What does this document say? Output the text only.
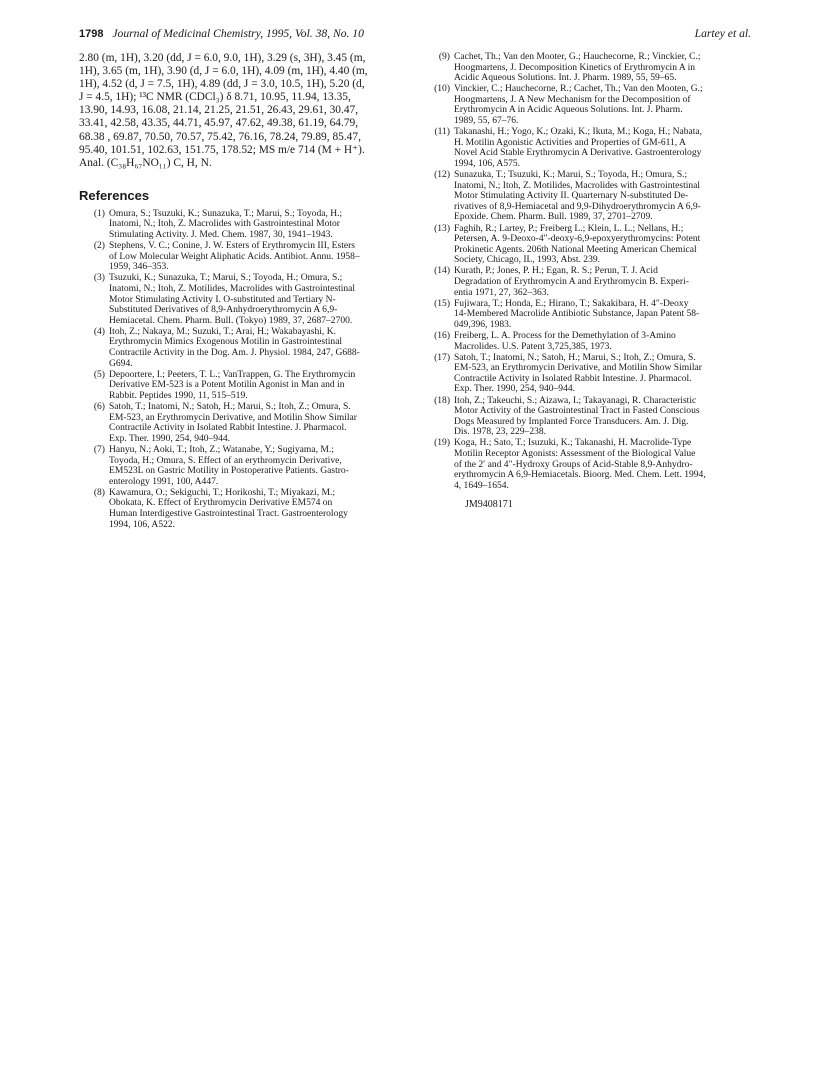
1798 Journal of Medicinal Chemistry, 1995, Vol. 38, No. 10	Lartey et al.

2.80 (m, 1H), 3.20 (dd, J = 6.0, 9.0, 1H), 3.29 (s, 3H), 3.45 (m,
1H), 3.65 (m, 1H), 3.90 (d, J = 6.0, 1H), 4.09 (m, 1H), 4.40 (m,
1H), 4.52 (d, J = 7.5, 1H), 4.89 (dd, J = 3.0, 10.5, 1H), 5.20 (d,
J = 4.5, 1H); ¹³C NMR (CDCl₃) δ 8.71, 10.95, 11.94, 13.35,
13.90, 14.93, 16.08, 21.14, 21.25, 21.51, 26.43, 29.61, 30.47,
33.41, 42.58, 43.35, 44.71, 45.97, 47.62, 49.38, 61.19, 64.79,
68.38 , 69.87, 70.50, 70.57, 75.42, 76.16, 78.24, 79.89, 85.47,
95.40, 101.51, 102.63, 151.75, 178.52; MS m/e 714 (M + H⁺).
Anal. (C₃₈H₆₇NO₁₁) C, H, N.

References
(1) Omura, S.; Tsuzuki, K.; Sunazuka, T.; Marui, S.; Toyoda, H.;
Inatomi, N.; Itoh, Z. Macrolides with Gastrointestinal Motor
Stimulating Activity. J. Med. Chem. 1987, 30, 1941–1943.
(2) Stephens, V. C.; Conine, J. W. Esters of Erythromycin III, Esters
of Low Molecular Weight Aliphatic Acids. Antibiot. Annu. 1958–
1959, 346–353.
(3) Tsuzuki, K.; Sunazuka, T.; Marui, S.; Toyoda, H.; Omura, S.;
Inatomi, N.; Itoh, Z. Motilides, Macrolides with Gastrointestinal
Motor Stimulating Activity I. O-substituted and Tertiary N-
Substituted Derivatives of 8,9-Anhydroerythromycin A 6,9-
Hemiacetal. Chem. Pharm. Bull. (Tokyo) 1989, 37, 2687–2700.
(4) Itoh, Z.; Nakaya, M.; Suzuki, T.; Arai, H.; Wakabayashi, K.
Erythromycin Mimics Exogenous Motilin in Gastrointestinal
Contractile Activity in the Dog. Am. J. Physiol. 1984, 247, G688-
G694.
(5) Depoortere, I.; Peeters, T. L.; VanTrappen, G. The Erythromycin
Derivative EM-523 is a Potent Motilin Agonist in Man and in
Rabbit. Peptides 1990, 11, 515–519.
(6) Satoh, T.; Inatomi, N.; Satoh, H.; Marui, S.; Itoh, Z.; Omura, S.
EM-523, an Erythromycin Derivative, and Motilin Show Similar
Contractile Activity in Isolated Rabbit Intestine. J. Pharmacol.
Exp. Ther. 1990, 254, 940–944.
(7) Hanyu, N.; Aoki, T.; Itoh, Z.; Watanabe, Y.; Sugiyama, M.;
Toyoda, H.; Omura, S. Effect of an erythromycin Derivative,
EM523L on Gastric Motility in Postoperative Patients. Gastro-
enterology 1991, 100, A447.
(8) Kawamura, O.; Sekiguchi, T.; Horikoshi, T.; Miyakazi, M.;
Obokata, K. Effect of Erythromycin Derivative EM574 on
Human Interdigestive Gastrointestinal Tract. Gastroenterology
1994, 106, A522.
(9) Cachet, Th.; Van den Mooter, G.; Hauchecorne, R.; Vinckier, C.;
Hoogmartens, J. Decomposition Kinetics of Erythromycin A in
Acidic Aqueous Solutions. Int. J. Pharm. 1989, 55, 59–65.
(10) Vinckier, C.; Hauchecorne, R.; Cachet, Th.; Van den Mooten, G.;
Hoogmartens, J. A New Mechanism for the Decomposition of
Erythromycin A in Acidic Aqueous Solutions. Int. J. Pharm.
1989, 55, 67–76.
(11) Takanashi, H.; Yogo, K.; Ozaki, K.; Ikuta, M.; Koga, H.; Nabata,
H. Motilin Agonistic Activities and Properties of GM-611, A
Novel Acid Stable Erythromycin A Derivative. Gastroenterology
1994, 106, A575.
(12) Sunazuka, T.; Tsuzuki, K.; Marui, S.; Toyoda, H.; Omura, S.;
Inatomi, N.; Itoh, Z. Motilides, Macrolides with Gastrointestinal
Motor Stimulating Activity II. Quarternary N-substituted De-
rivatives of 8,9-Hemiacetal and 9,9-Dihydroerythromycin A 6,9-
Epoxide. Chem. Pharm. Bull. 1989, 37, 2701–2709.
(13) Faghih, R.; Lartey, P.; Freiberg L.; Klein, L. L.; Nellans, H.;
Petersen, A. 9-Deoxo-4″-deoxy-6,9-epoxyerythromycins: Potent
Prokinetic Agents. 206th National Meeting American Chemical
Society, Chicago, IL, 1993, Abst. 239.
(14) Kurath, P.; Jones, P. H.; Egan, R. S.; Perun, T. J. Acid
Degradation of Erythromycin A and Erythromycin B. Experi-
entia 1971, 27, 362–363.
(15) Fujiwara, T.; Honda, E.; Hirano, T.; Sakakibara, H. 4″-Deoxy
14-Membered Macrolide Antibiotic Substance, Japan Patent 58-
049,396, 1983.
(16) Freiberg, L. A. Process for the Demethylation of 3-Amino
Macrolides. U.S. Patent 3,725,385, 1973.
(17) Satoh, T.; Inatomi, N.; Satoh, H.; Marui, S.; Itoh, Z.; Omura, S.
EM-523, an Erythromycin Derivative, and Motilin Show Similar
Contractile Activity in Isolated Rabbit Intestine. J. Pharmacol.
Exp. Ther. 1990, 254, 940–944.
(18) Itoh, Z.; Takeuchi, S.; Aizawa, I.; Takayanagi, R. Characteristic
Motor Activity of the Gastrointestinal Tract in Fasted Conscious
Dogs Measured by Implanted Force Transducers. Am. J. Dig.
Dis. 1978, 23, 229–238.
(19) Koga, H.; Sato, T.; Isuzuki, K.; Takanashi, H. Macrolide-Type
Motilin Receptor Agonists: Assessment of the Biological Value
of the 2′ and 4″-Hydroxy Groups of Acid-Stable 8,9-Anhydro-
erythromycin A 6,9-Hemiacetals. Bioorg. Med. Chem. Lett. 1994,
4, 1649–1654.
JM9408171
